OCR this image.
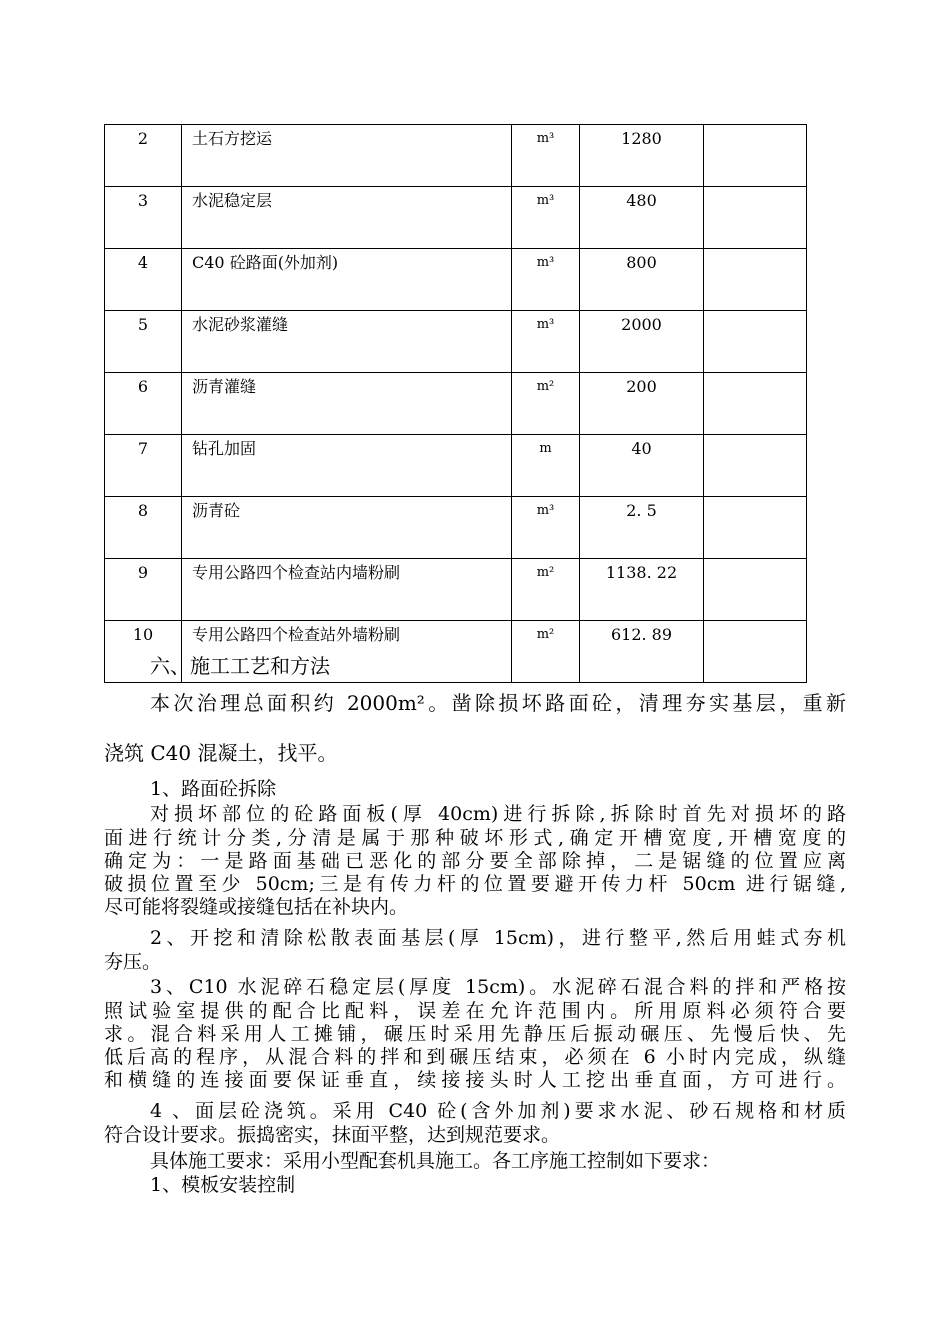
2	土石方挖运	m³	1280	
3	水泥稳定层	m³	480	
4	C40 砼路面(外加剂)	m³	800	
5	水泥砂浆灌缝	m³	2000	
6	沥青灌缝	m²	200	
7	钻孔加固	m	40	
8	沥青砼	m³	2. 5	
9	专用公路四个检查站内墙粉刷	m²	1138. 22	
10	专用公路四个检查站外墙粉刷	m²	612. 89	

六、施工工艺和方法

本次治理总面积约 2000m²。凿除损坏路面砼，清理夯实基层，重新

浇筑 C40 混凝土，找平。

1、路面砼拆除

对损坏部位的砼路面板(厚 40cm)进行拆除,拆除时首先对损坏的路
面进行统计分类,分清是属于那种破坏形式,确定开槽宽度,开槽宽度的
确定为：一是路面基础已恶化的部分要全部除掉，二是锯缝的位置应离
破损位置至少 50cm;三是有传力杆的位置要避开传力杆 50cm 进行锯缝,
尽可能将裂缝或接缝包括在补块内。
2、开挖和清除松散表面基层(厚 15cm)，进行整平,然后用蛙式夯机
夯压。
3、C10 水泥碎石稳定层(厚度 15cm)。水泥碎石混合料的拌和严格按
照试验室提供的配合比配料，误差在允许范围内。所用原料必须符合要
求。混合料采用人工摊铺，碾压时采用先静压后振动碾压、先慢后快、先
低后高的程序，从混合料的拌和到碾压结束，必须在 6 小时内完成，纵缝
和横缝的连接面要保证垂直，续接接头时人工挖出垂直面，方可进行。
4 、面层砼浇筑。采用 C40 砼(含外加剂)要求水泥、砂石规格和材质
符合设计要求。振捣密实，抹面平整，达到规范要求。

具体施工要求：采用小型配套机具施工。各工序施工控制如下要求：

1、模板安装控制
